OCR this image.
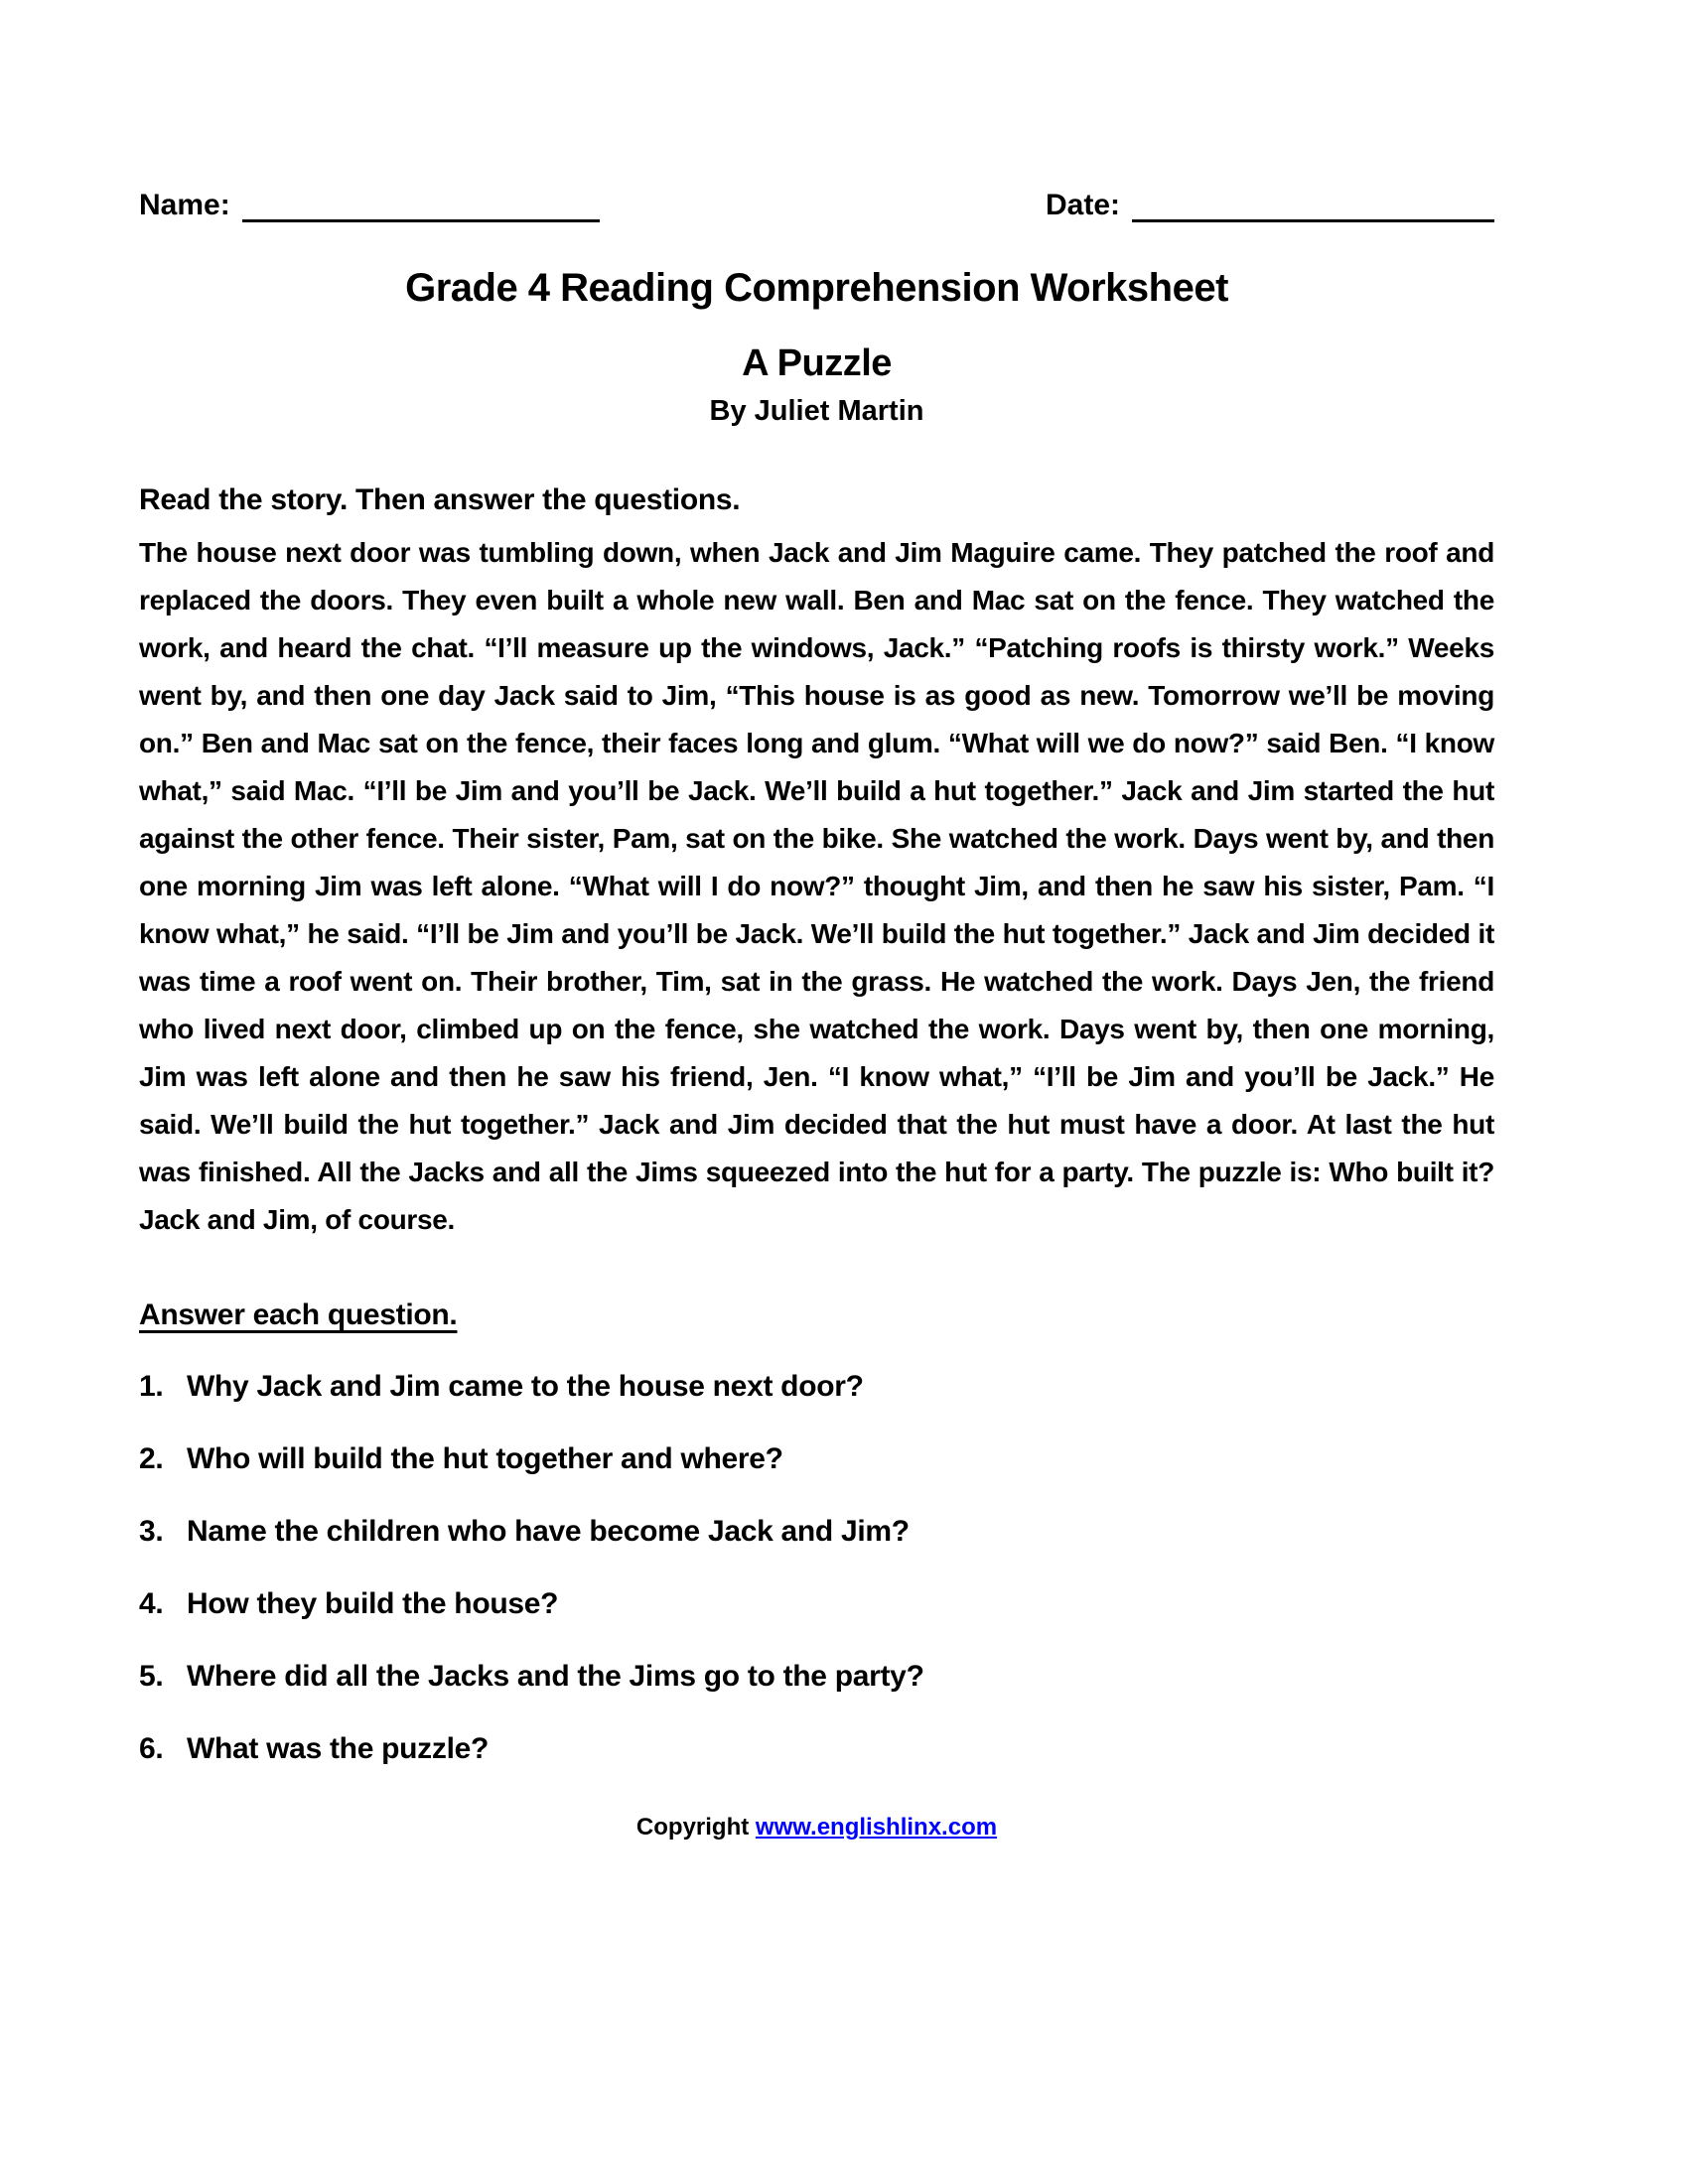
Name:	Date:
Grade 4 Reading Comprehension Worksheet
A Puzzle
By Juliet Martin
Read the story. Then answer the questions.
The house next door was tumbling down, when Jack and Jim Maguire came. They patched the roof and replaced the doors. They even built a whole new wall. Ben and Mac sat on the fence. They watched the work, and heard the chat. “I’ll measure up the windows, Jack.” “Patching roofs is thirsty work.” Weeks went by, and then one day Jack said to Jim, “This house is as good as new. Tomorrow we’ll be moving on.” Ben and Mac sat on the fence, their faces long and glum. “What will we do now?” said Ben. “I know what,” said Mac. “I’ll be Jim and you’ll be Jack. We’ll build a hut together.” Jack and Jim started the hut against the other fence. Their sister, Pam, sat on the bike. She watched the work. Days went by, and then one morning Jim was left alone. “What will I do now?” thought Jim, and then he saw his sister, Pam. “I know what,” he said. “I’ll be Jim and you’ll be Jack. We’ll build the hut together.” Jack and Jim decided it was time a roof went on. Their brother, Tim, sat in the grass. He watched the work. Days Jen, the friend who lived next door, climbed up on the fence, she watched the work. Days went by, then one morning, Jim was left alone and then he saw his friend, Jen. “I know what,” “I’ll be Jim and you’ll be Jack.” He said. We’ll build the hut together.” Jack and Jim decided that the hut must have a door. At last the hut was finished. All the Jacks and all the Jims squeezed into the hut for a party. The puzzle is: Who built it? Jack and Jim, of course.
Answer each question.
1. Why Jack and Jim came to the house next door?
2. Who will build the hut together and where?
3. Name the children who have become Jack and Jim?
4. How they build the house?
5. Where did all the Jacks and the Jims go to the party?
6. What was the puzzle?
Copyright www.englishlinx.com
